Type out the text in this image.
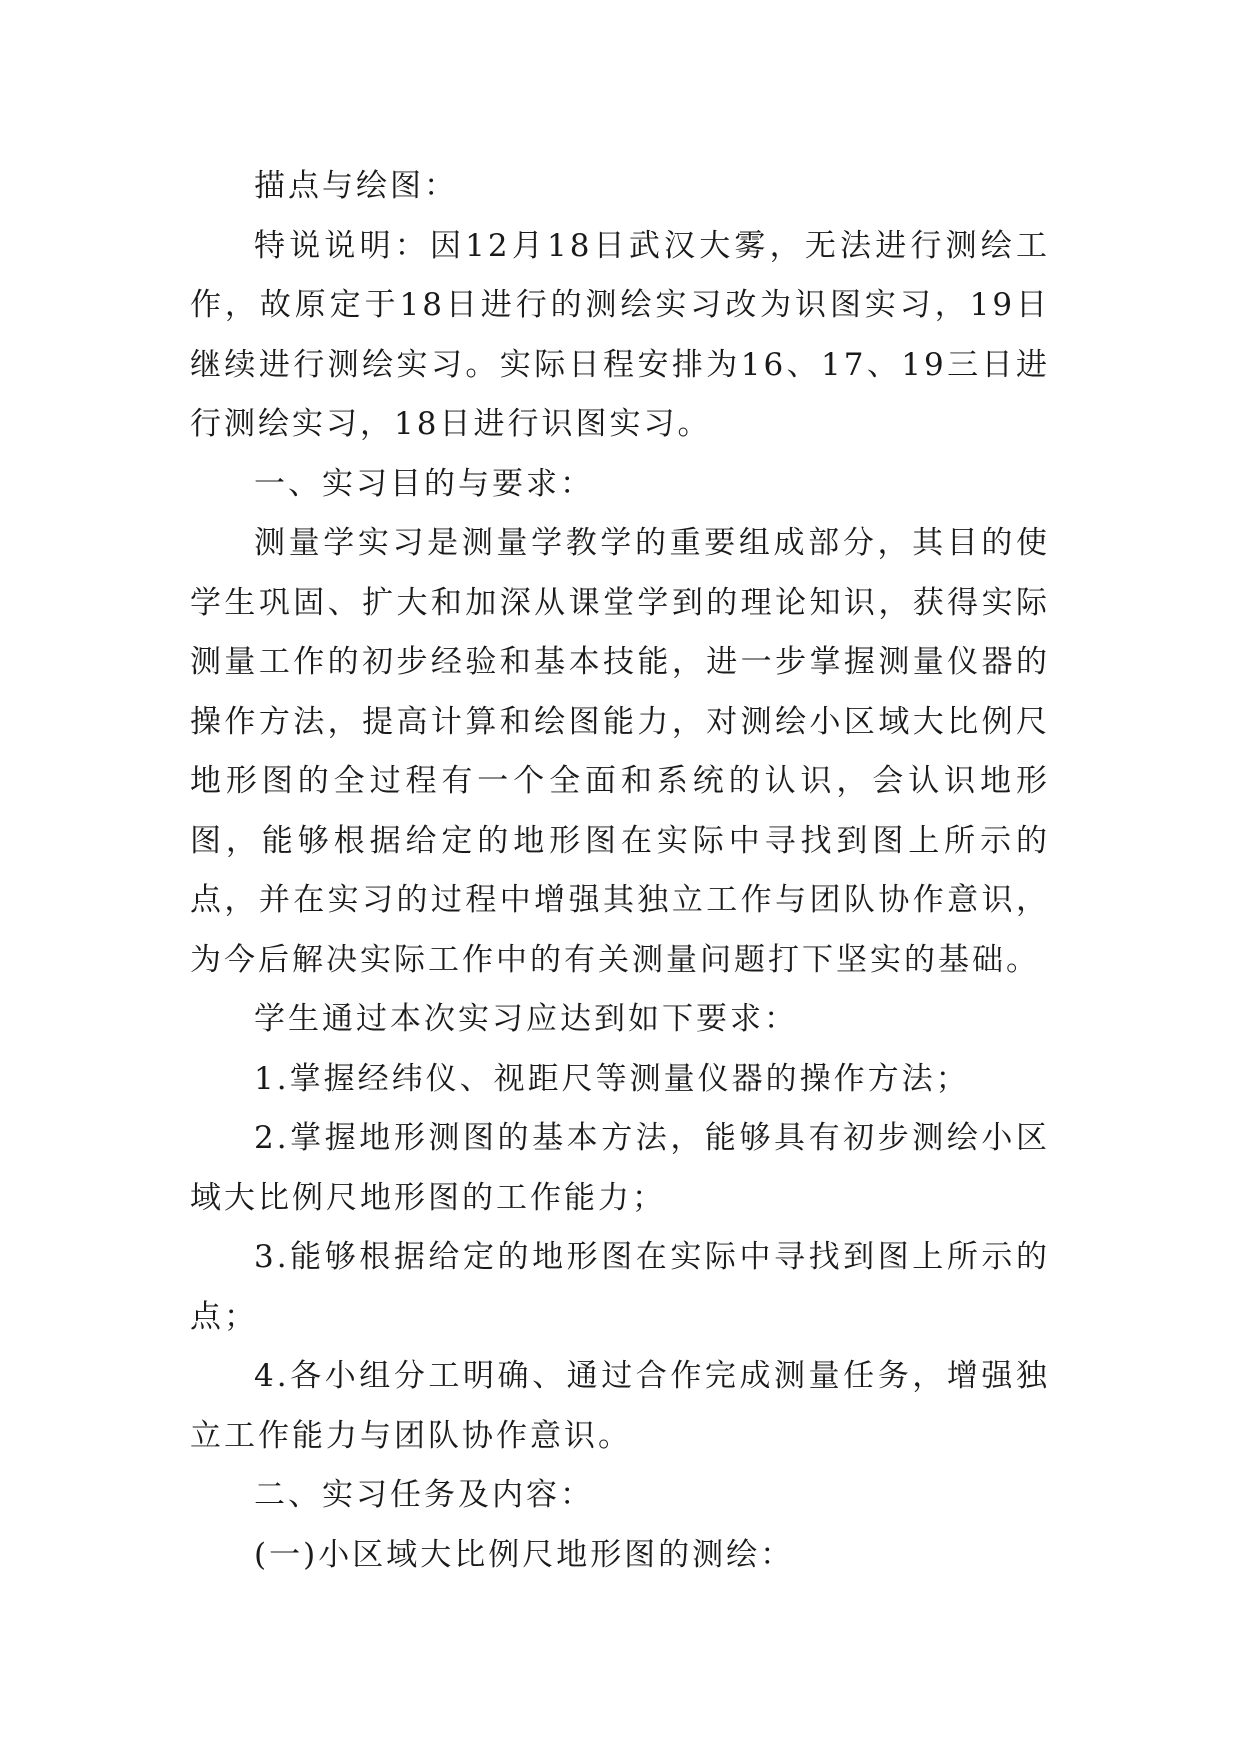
描点与绘图：

特说说明：因12月18日武汉大雾，无法进行测绘工作，故原定于18日进行的测绘实习改为识图实习，19日继续进行测绘实习。实际日程安排为16、17、19三日进行测绘实习，18日进行识图实习。

一、实习目的与要求：

测量学实习是测量学教学的重要组成部分，其目的使学生巩固、扩大和加深从课堂学到的理论知识，获得实际测量工作的初步经验和基本技能，进一步掌握测量仪器的操作方法，提高计算和绘图能力，对测绘小区域大比例尺地形图的全过程有一个全面和系统的认识，会认识地形图，能够根据给定的地形图在实际中寻找到图上所示的点，并在实习的过程中增强其独立工作与团队协作意识，为今后解决实际工作中的有关测量问题打下坚实的基础。

学生通过本次实习应达到如下要求：

1.掌握经纬仪、视距尺等测量仪器的操作方法；

2.掌握地形测图的基本方法，能够具有初步测绘小区域大比例尺地形图的工作能力；

3.能够根据给定的地形图在实际中寻找到图上所示的点；

4.各小组分工明确、通过合作完成测量任务，增强独立工作能力与团队协作意识。

二、实习任务及内容：

(一)小区域大比例尺地形图的测绘：
